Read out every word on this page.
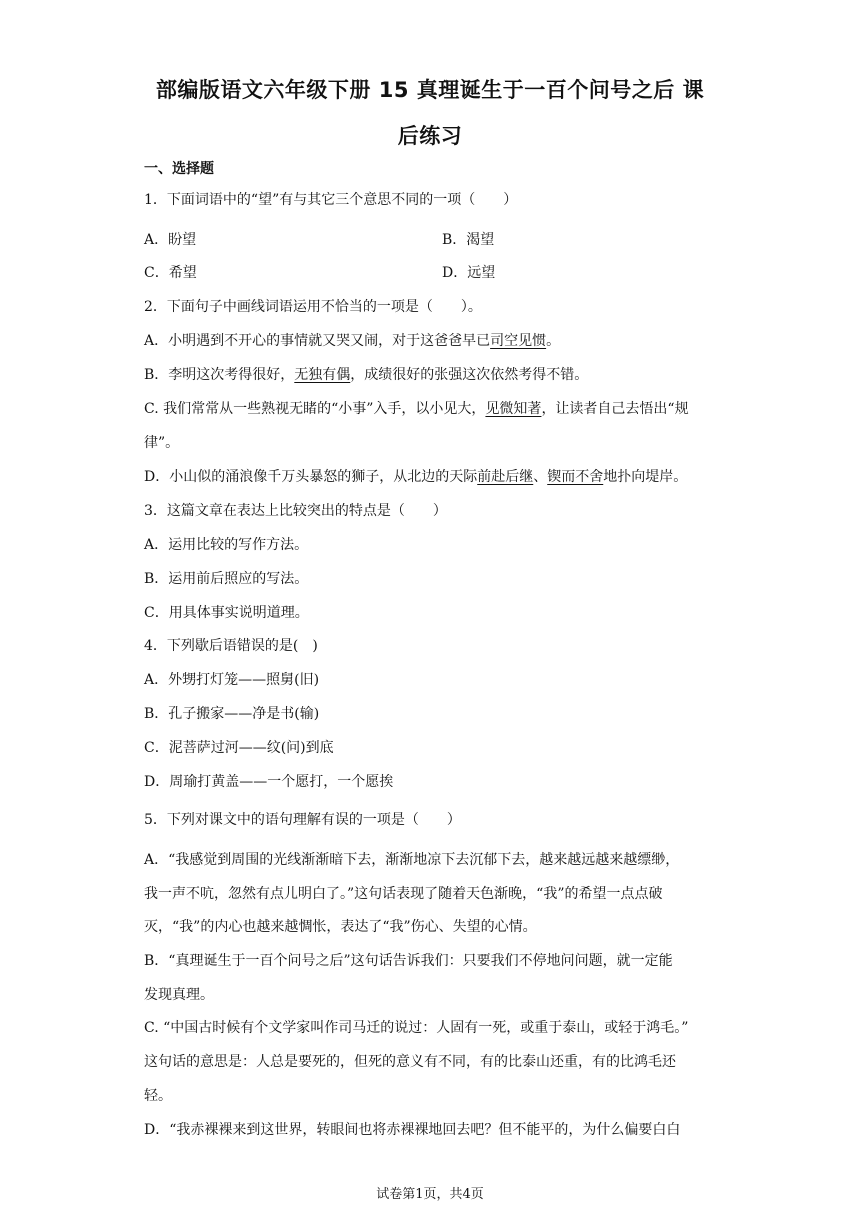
部编版语文六年级下册 15 真理诞生于一百个问号之后 课
后练习
一、选择题
1．下面词语中的“望”有与其它三个意思不同的一项（　　）
A．盼望	B．渴望
C．希望	D．远望
2．下面句子中画线词语运用不恰当的一项是（　　）。
A．小明遇到不开心的事情就又哭又闹，对于这爸爸早已司空见惯。
B．李明这次考得很好，无独有偶，成绩很好的张强这次依然考得不错。
C. 我们常常从一些熟视无睹的“小事”入手，以小见大，见微知著，让读者自己去悟出“规
律”。
D．小山似的涌浪像千万头暴怒的狮子，从北边的天际前赴后继、锲而不舍地扑向堤岸。
3．这篇文章在表达上比较突出的特点是（　　）
A．运用比较的写作方法。
B．运用前后照应的写法。
C．用具体事实说明道理。
4．下列歇后语错误的是(　)
A．外甥打灯笼——照舅(旧)
B．孔子搬家——净是书(输)
C．泥菩萨过河——纹(问)到底
D．周瑜打黄盖——一个愿打，一个愿挨
5．下列对课文中的语句理解有误的一项是（　　）
A．“我感觉到周围的光线渐渐暗下去，渐渐地凉下去沉郁下去，越来越远越来越缥缈，
我一声不吭，忽然有点儿明白了。”这句话表现了随着天色渐晚，“我”的希望一点点破
灭，“我”的内心也越来越惆怅，表达了“我”伤心、失望的心情。
B．“真理诞生于一百个问号之后”这句话告诉我们：只要我们不停地问问题，就一定能
发现真理。
C. “中国古时候有个文学家叫作司马迁的说过：人固有一死，或重于泰山，或轻于鸿毛。”
这句话的意思是：人总是要死的，但死的意义有不同，有的比泰山还重，有的比鸿毛还
轻。
D．“我赤裸裸来到这世界，转眼间也将赤裸裸地回去吧？但不能平的，为什么偏要白白
试卷第1页，共4页
